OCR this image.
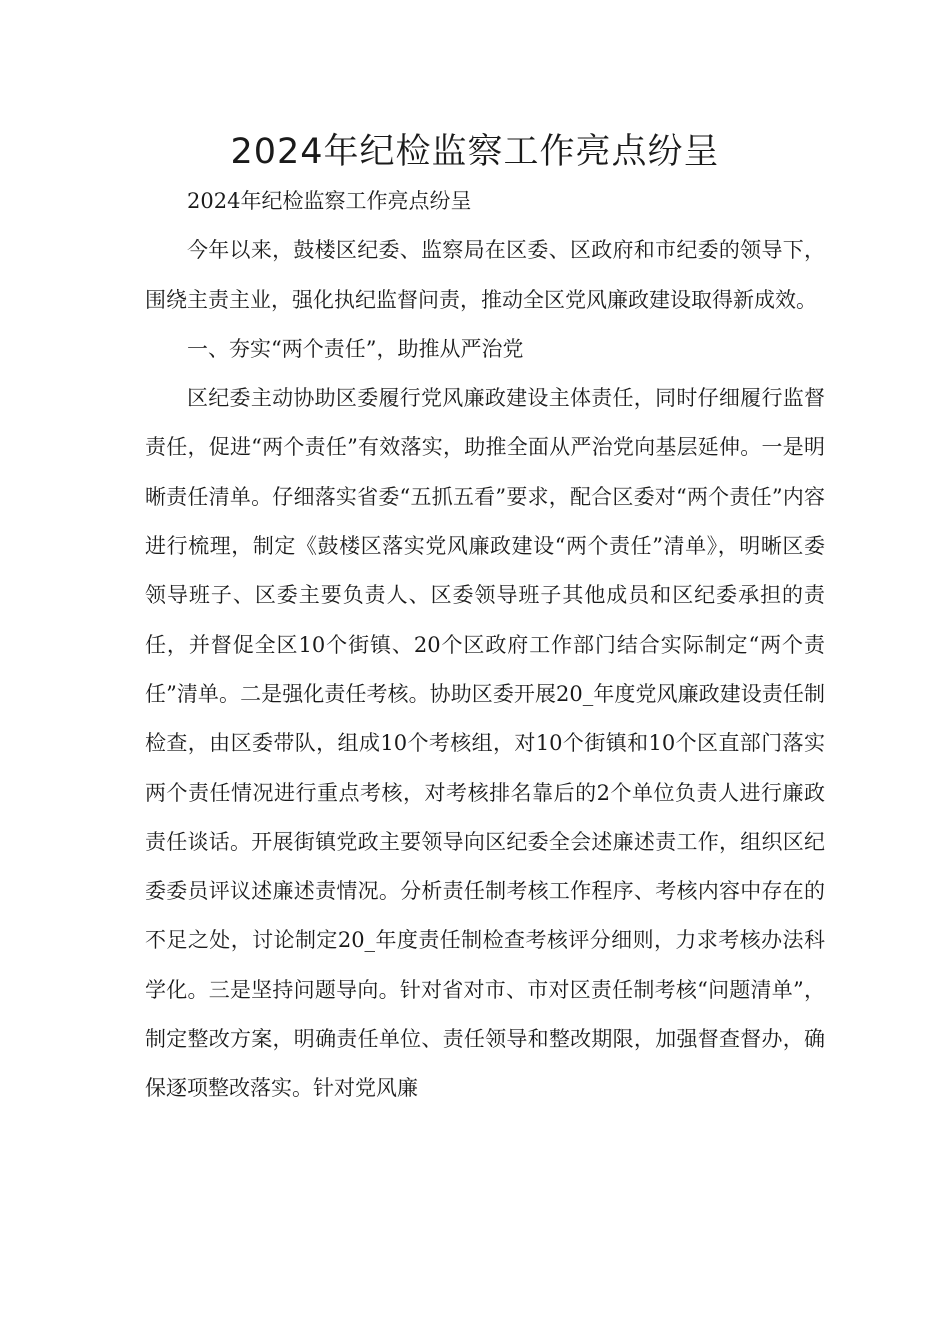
2024年纪检监察工作亮点纷呈

2024年纪检监察工作亮点纷呈

今年以来，鼓楼区纪委、监察局在区委、区政府和市纪委的领导下，围绕主责主业，强化执纪监督问责，推动全区党风廉政建设取得新成效。

一、夯实“两个责任”，助推从严治党

区纪委主动协助区委履行党风廉政建设主体责任，同时仔细履行监督责任，促进“两个责任”有效落实，助推全面从严治党向基层延伸。一是明晰责任清单。仔细落实省委“五抓五看”要求，配合区委对“两个责任”内容进行梳理，制定《鼓楼区落实党风廉政建设“两个责任”清单》，明晰区委领导班子、区委主要负责人、区委领导班子其他成员和区纪委承担的责任，并督促全区10个街镇、20个区政府工作部门结合实际制定“两个责任”清单。二是强化责任考核。协助区委开展20_年度党风廉政建设责任制检查，由区委带队，组成10个考核组，对10个街镇和10个区直部门落实两个责任情况进行重点考核，对考核排名靠后的2个单位负责人进行廉政责任谈话。开展街镇党政主要领导向区纪委全会述廉述责工作，组织区纪委委员评议述廉述责情况。分析责任制考核工作程序、考核内容中存在的不足之处，讨论制定20_年度责任制检查考核评分细则，力求考核办法科学化。三是坚持问题导向。针对省对市、市对区责任制考核“问题清单”，制定整改方案，明确责任单位、责任领导和整改期限，加强督查督办，确保逐项整改落实。针对党风廉
